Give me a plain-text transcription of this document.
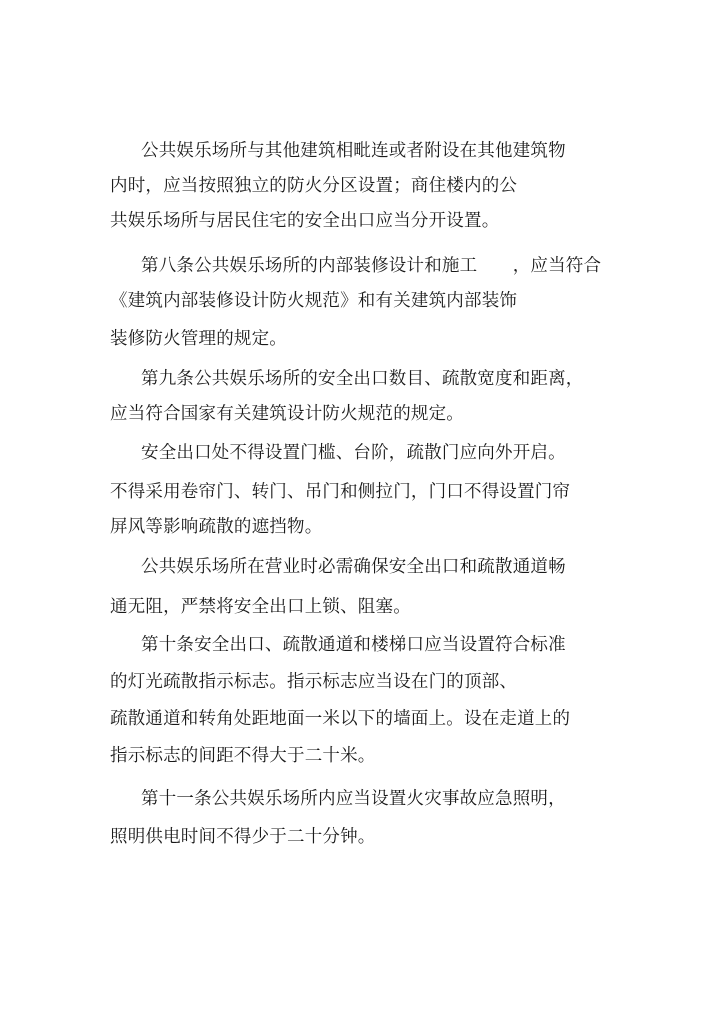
公共娱乐场所与其他建筑相毗连或者附设在其他建筑物
内时，应当按照独立的防火分区设置；商住楼内的公
共娱乐场所与居民住宅的安全出口应当分开设置。
第八条公共娱乐场所的内部装修设计和施工　　，应当符合
《建筑内部装修设计防火规范》和有关建筑内部装饰
装修防火管理的规定。
第九条公共娱乐场所的安全出口数目、疏散宽度和距离，
应当符合国家有关建筑设计防火规范的规定。
安全出口处不得设置门槛、台阶，疏散门应向外开启。
不得采用卷帘门、转门、吊门和侧拉门，门口不得设置门帘
屏风等影响疏散的遮挡物。
公共娱乐场所在营业时必需确保安全出口和疏散通道畅
通无阻，严禁将安全出口上锁、阻塞。
第十条安全出口、疏散通道和楼梯口应当设置符合标准
的灯光疏散指示标志。指示标志应当设在门的顶部、
疏散通道和转角处距地面一米以下的墙面上。设在走道上的
指示标志的间距不得大于二十米。
第十一条公共娱乐场所内应当设置火灾事故应急照明，
照明供电时间不得少于二十分钟。
